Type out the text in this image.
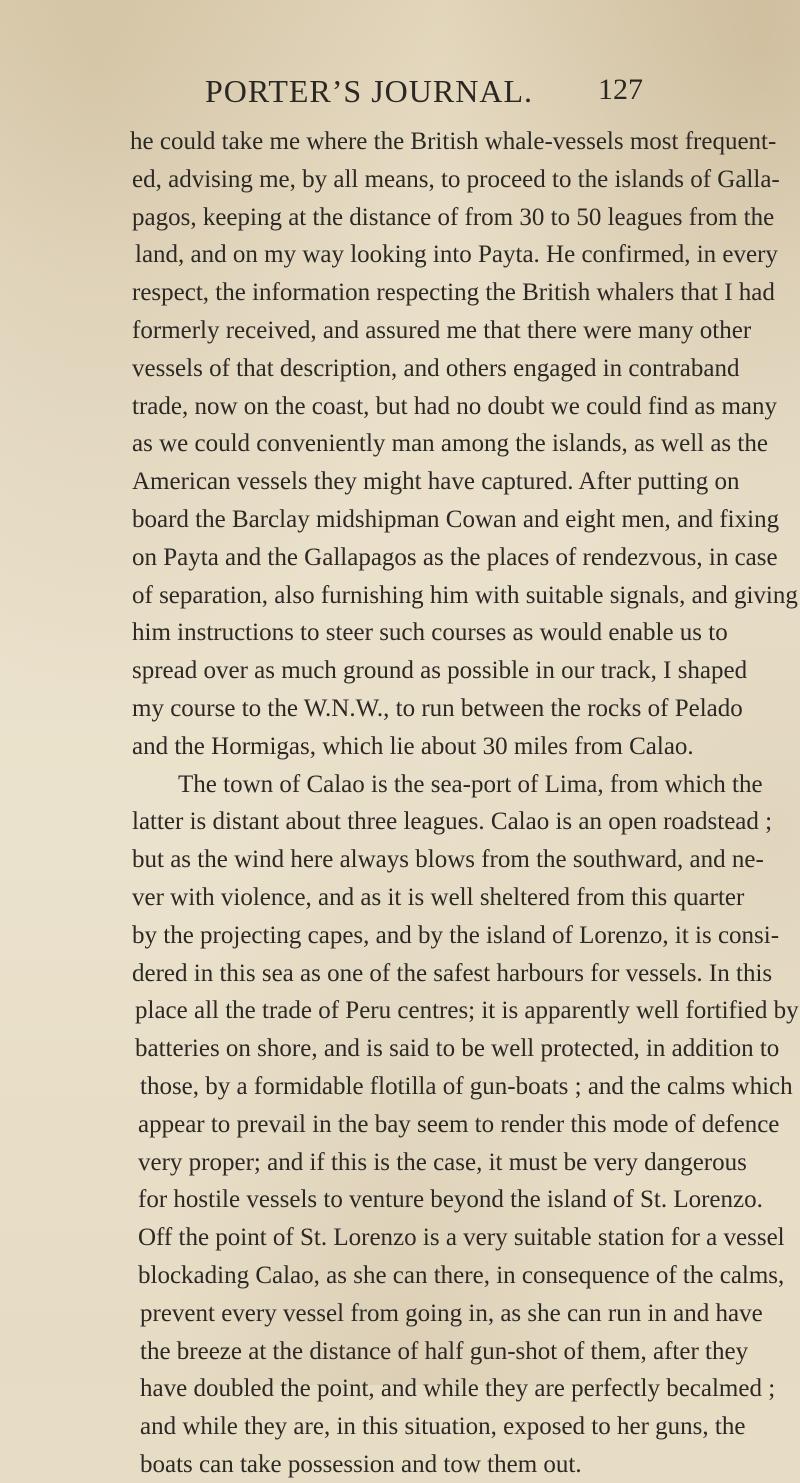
PORTER’S JOURNAL. 127
he could take me where the British whale-vessels most frequent-
ed, advising me, by all means, to proceed to the islands of Galla-
pagos, keeping at the distance of from 30 to 50 leagues from the
land, and on my way looking into Payta. He confirmed, in every
respect, the information respecting the British whalers that I had
formerly received, and assured me that there were many other
vessels of that description, and others engaged in contraband
trade, now on the coast, but had no doubt we could find as many
as we could conveniently man among the islands, as well as the
American vessels they might have captured. After putting on
board the Barclay midshipman Cowan and eight men, and fixing
on Payta and the Gallapagos as the places of rendezvous, in case
of separation, also furnishing him with suitable signals, and giving
him instructions to steer such courses as would enable us to
spread over as much ground as possible in our track, I shaped
my course to the W.N.W., to run between the rocks of Pelado
and the Hormigas, which lie about 30 miles from Calao.
The town of Calao is the sea-port of Lima, from which the
latter is distant about three leagues. Calao is an open roadstead ;
but as the wind here always blows from the southward, and ne-
ver with violence, and as it is well sheltered from this quarter
by the projecting capes, and by the island of Lorenzo, it is consi-
dered in this sea as one of the safest harbours for vessels. In this
place all the trade of Peru centres; it is apparently well fortified by
batteries on shore, and is said to be well protected, in addition to
those, by a formidable flotilla of gun-boats ; and the calms which
appear to prevail in the bay seem to render this mode of defence
very proper; and if this is the case, it must be very dangerous
for hostile vessels to venture beyond the island of St. Lorenzo.
Off the point of St. Lorenzo is a very suitable station for a vessel
blockading Calao, as she can there, in consequence of the calms,
prevent every vessel from going in, as she can run in and have
the breeze at the distance of half gun-shot of them, after they
have doubled the point, and while they are perfectly becalmed ;
and while they are, in this situation, exposed to her guns, the
boats can take possession and tow them out.
